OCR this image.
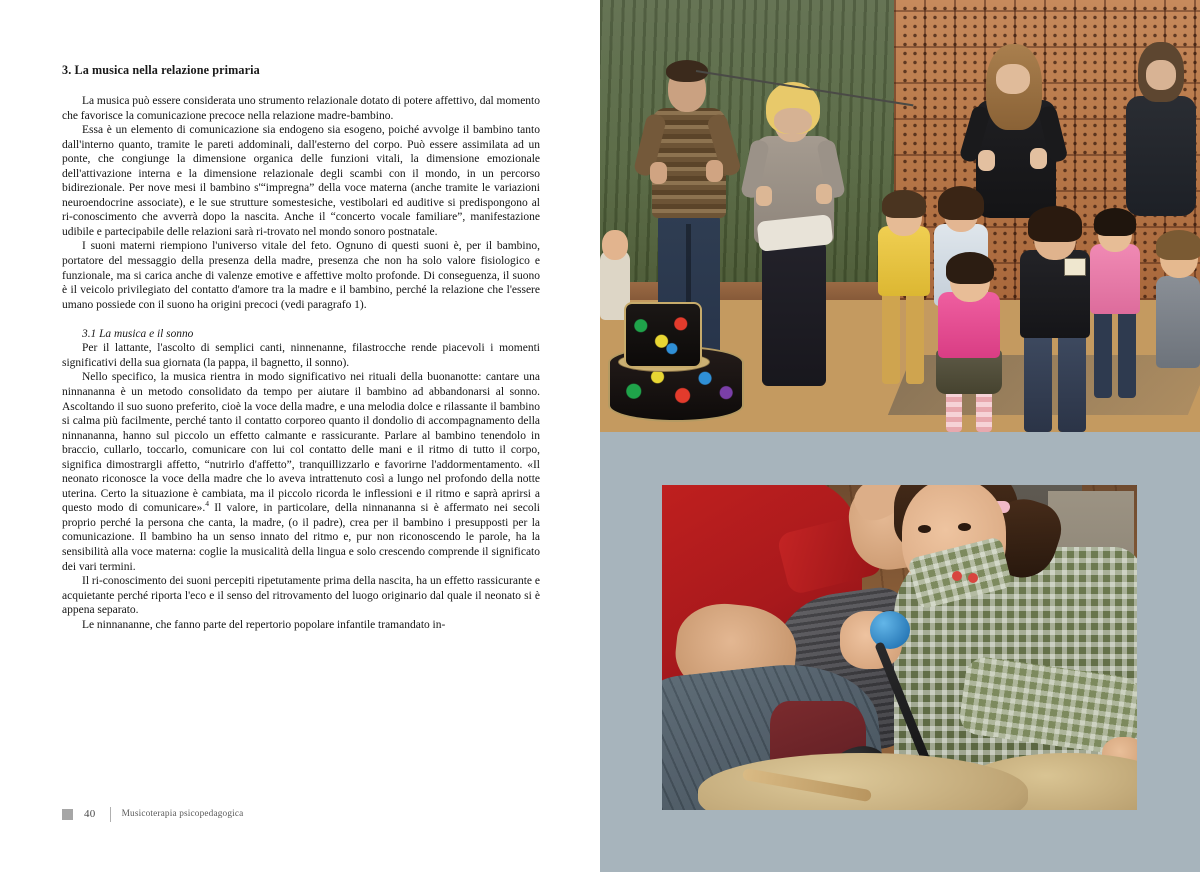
3. La musica nella relazione primaria

La musica può essere considerata uno strumento relazionale dotato di potere affettivo, dal momento che favorisce la comunicazione precoce nella relazione madre-bambino.

Essa è un elemento di comunicazione sia endogeno sia esogeno, poiché avvolge il bambino tanto dall'interno quanto, tramite le pareti addominali, dall'esterno del corpo. Può essere assimilata ad un ponte, che congiunge la dimensione organica delle funzioni vitali, la dimensione emozionale dell'attivazione interna e la dimensione relazionale degli scambi con il mondo, in un percorso bidirezionale. Per nove mesi il bambino s'“impregna” della voce materna (anche tramite le variazioni neuroendocrine associate), e le sue strutture somestesiche, vestibolari ed auditive si predispongono al ri-conoscimento che avverrà dopo la nascita. Anche il “concerto vocale familiare”, manifestazione udibile e partecipabile delle relazioni sarà ri-trovato nel mondo sonoro postnatale.

I suoni materni riempiono l'universo vitale del feto. Ognuno di questi suoni è, per il bambino, portatore del messaggio della presenza della madre, presenza che non ha solo valore fisiologico e funzionale, ma si carica anche di valenze emotive e affettive molto profonde. Di conseguenza, il suono è il veicolo privilegiato del contatto d'amore tra la madre e il bambino, perché la relazione che l'essere umano possiede con il suono ha origini precoci (vedi paragrafo 1).

3.1 La musica e il sonno

Per il lattante, l'ascolto di semplici canti, ninnenanne, filastrocche rende piacevoli i momenti significativi della sua giornata (la pappa, il bagnetto, il sonno).

Nello specifico, la musica rientra in modo significativo nei rituali della buonanotte: cantare una ninnananna è un metodo consolidato da tempo per aiutare il bambino ad abbandonarsi al sonno. Ascoltando il suo suono preferito, cioè la voce della madre, e una melodia dolce e rilassante il bambino si calma più facilmente, perché tanto il contatto corporeo quanto il dondolio di accompagnamento della ninnananna, hanno sul piccolo un effetto calmante e rassicurante. Parlare al bambino tenendolo in braccio, cullarlo, toccarlo, comunicare con lui col contatto delle mani e il ritmo di tutto il corpo, significa dimostrargli affetto, “nutrirlo d'affetto”, tranquillizzarlo e favorirne l'addormentamento. «Il neonato riconosce la voce della madre che lo aveva intrattenuto così a lungo nel profondo della notte uterina. Certo la situazione è cambiata, ma il piccolo ricorda le inflessioni e il ritmo e saprà aprirsi a questo modo di comunicare».$^4$ Il valore, in particolare, della ninnananna si è affermato nei secoli proprio perché la persona che canta, la madre, (o il padre), crea per il bambino i presupposti per la comunicazione. Il bambino ha un senso innato del ritmo e, pur non riconoscendo le parole, ha la sensibilità alla voce materna: coglie la musicalità della lingua e solo crescendo comprende il significato dei vari termini.

Il ri-conoscimento dei suoni percepiti ripetutamente prima della nascita, ha un effetto rassicurante e acquietante perché riporta l'eco e il senso del ritrovamento del luogo originario dal quale il neonato si è appena separato.

Le ninnananne, che fanno parte del repertorio popolare infantile tramandato in-

40	Musicoterapia psicopedagogica
